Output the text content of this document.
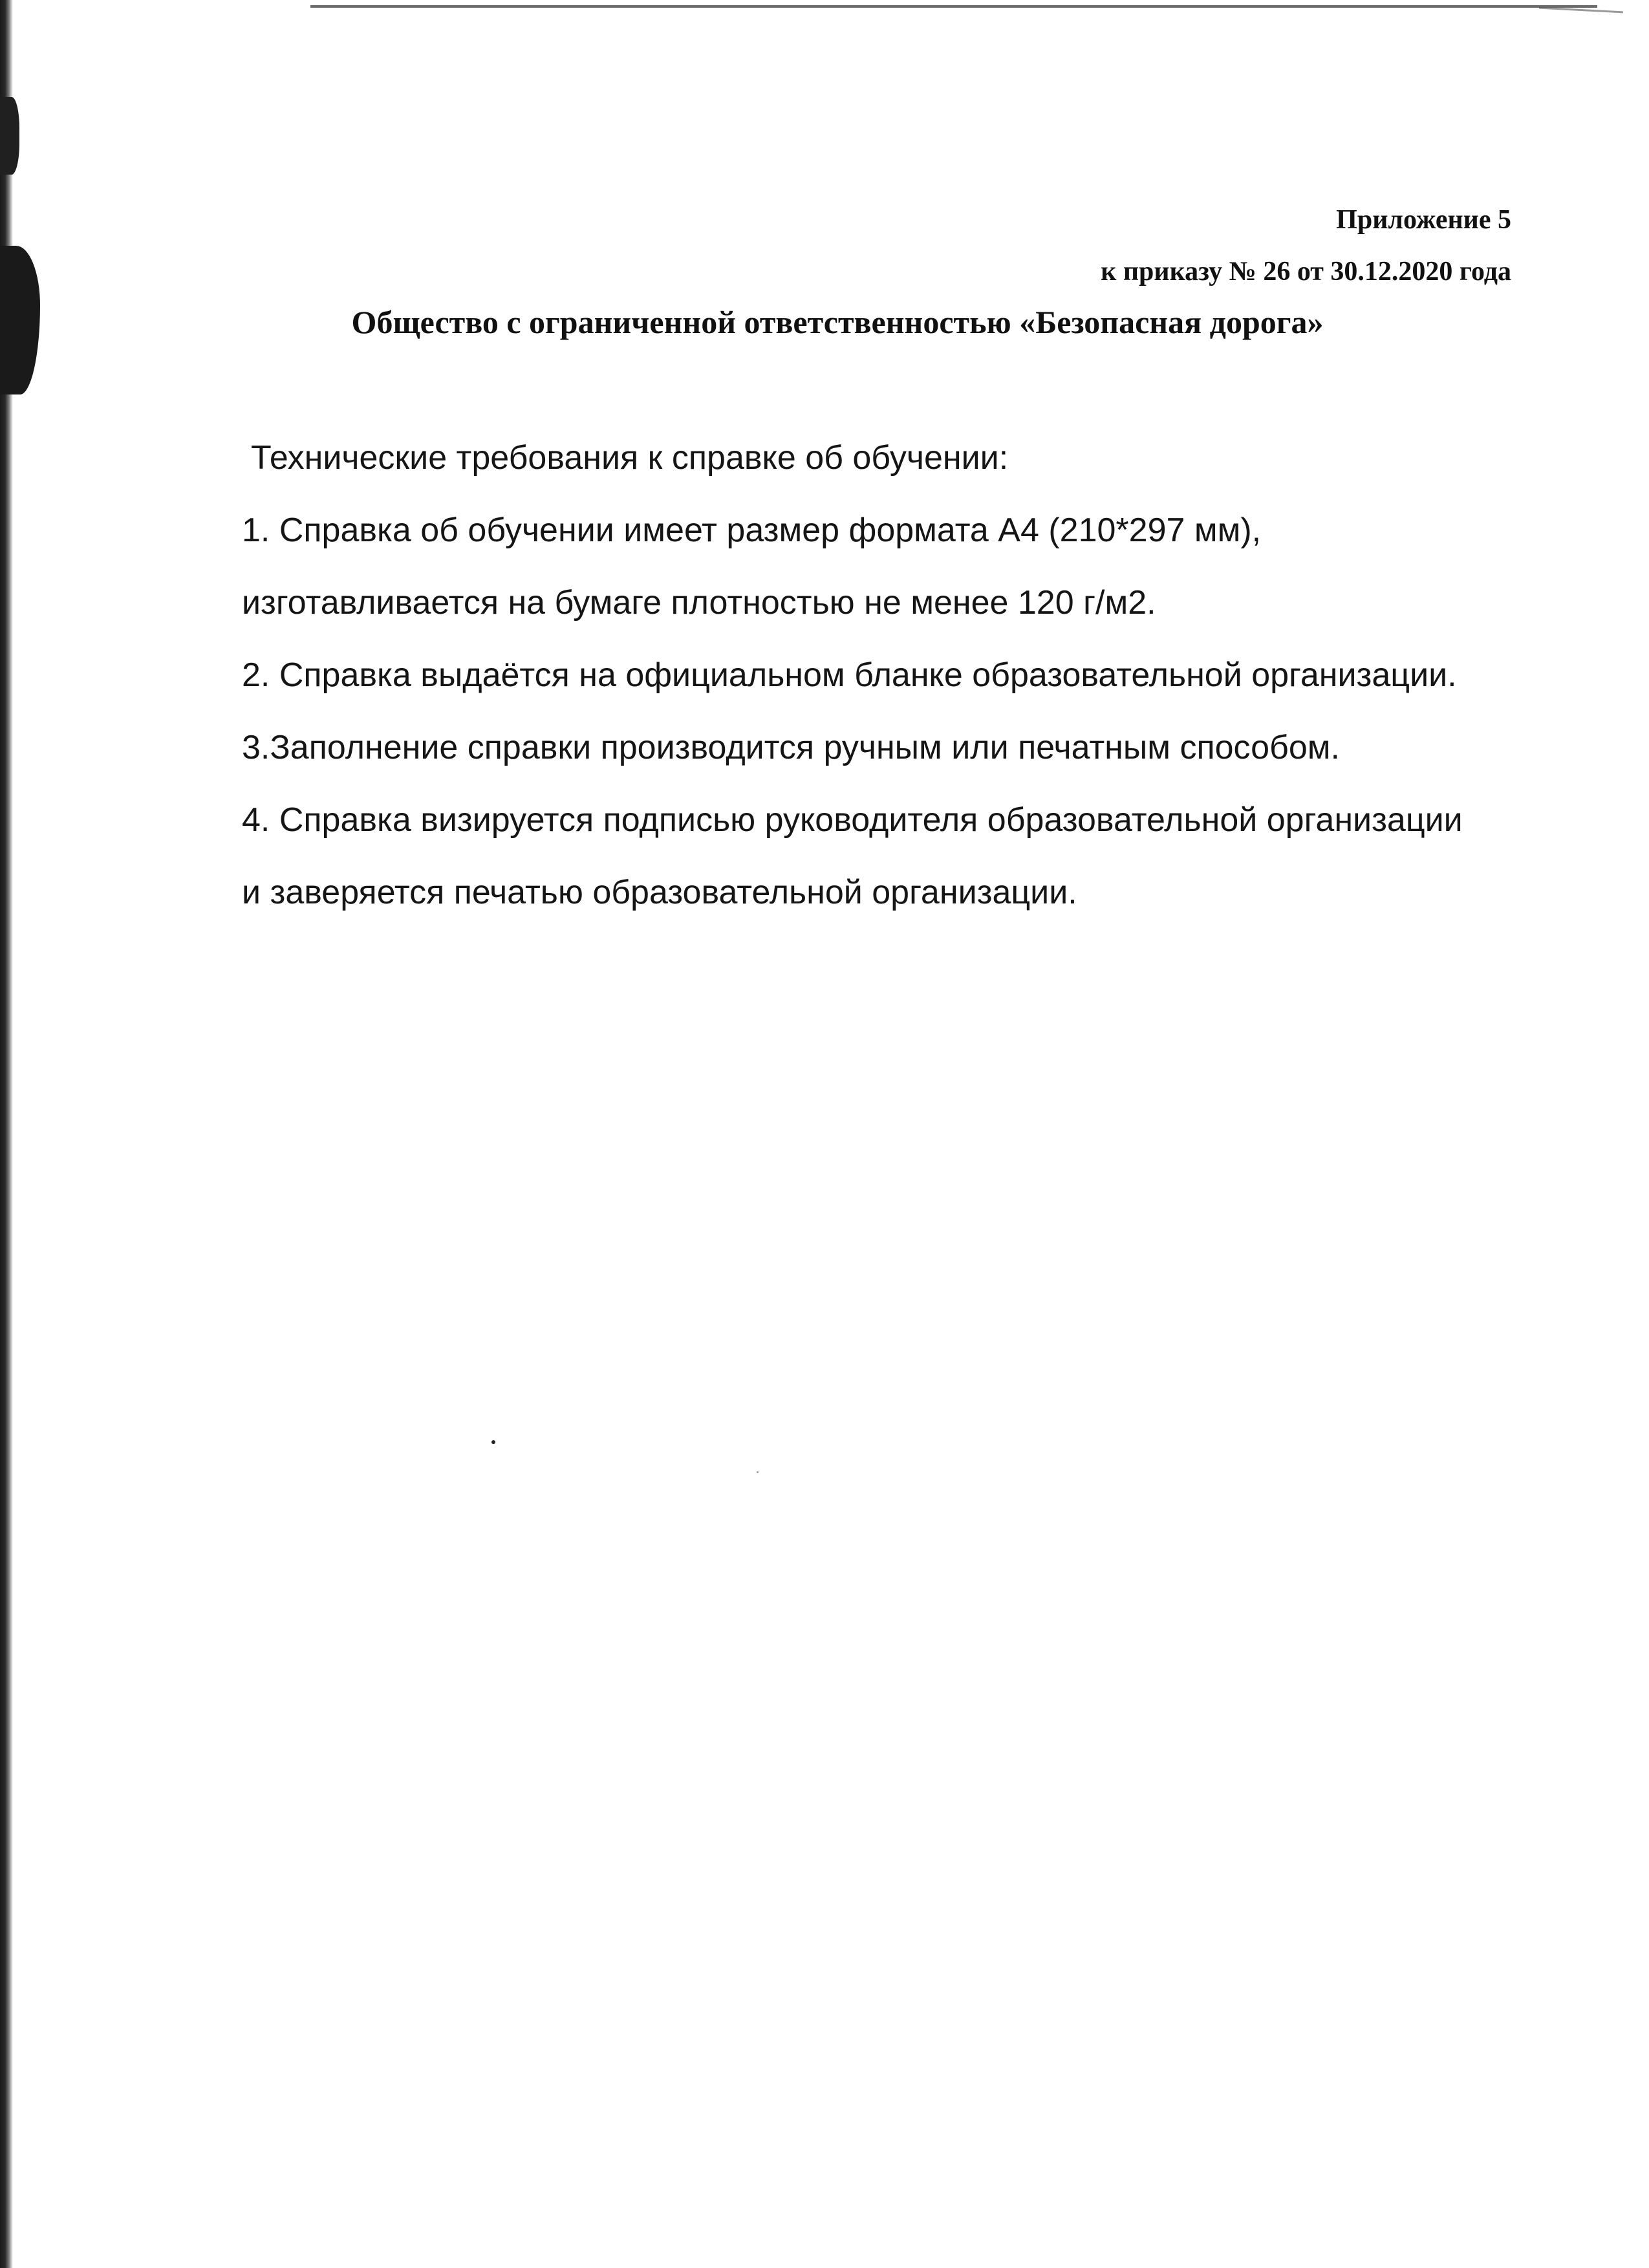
Приложение 5
к приказу № 26 от 30.12.2020 года
Общество с ограниченной ответственностью «Безопасная дорога»
Технические требования к справке об обучении:
1. Справка об обучении имеет размер формата А4 (210*297 мм),
изготавливается на бумаге плотностью не менее 120 г/м2.
2. Справка выдаётся на официальном бланке образовательной организации.
3.Заполнение справки производится ручным или печатным способом.
4. Справка визируется подписью руководителя образовательной организации
и заверяется печатью образовательной организации.
